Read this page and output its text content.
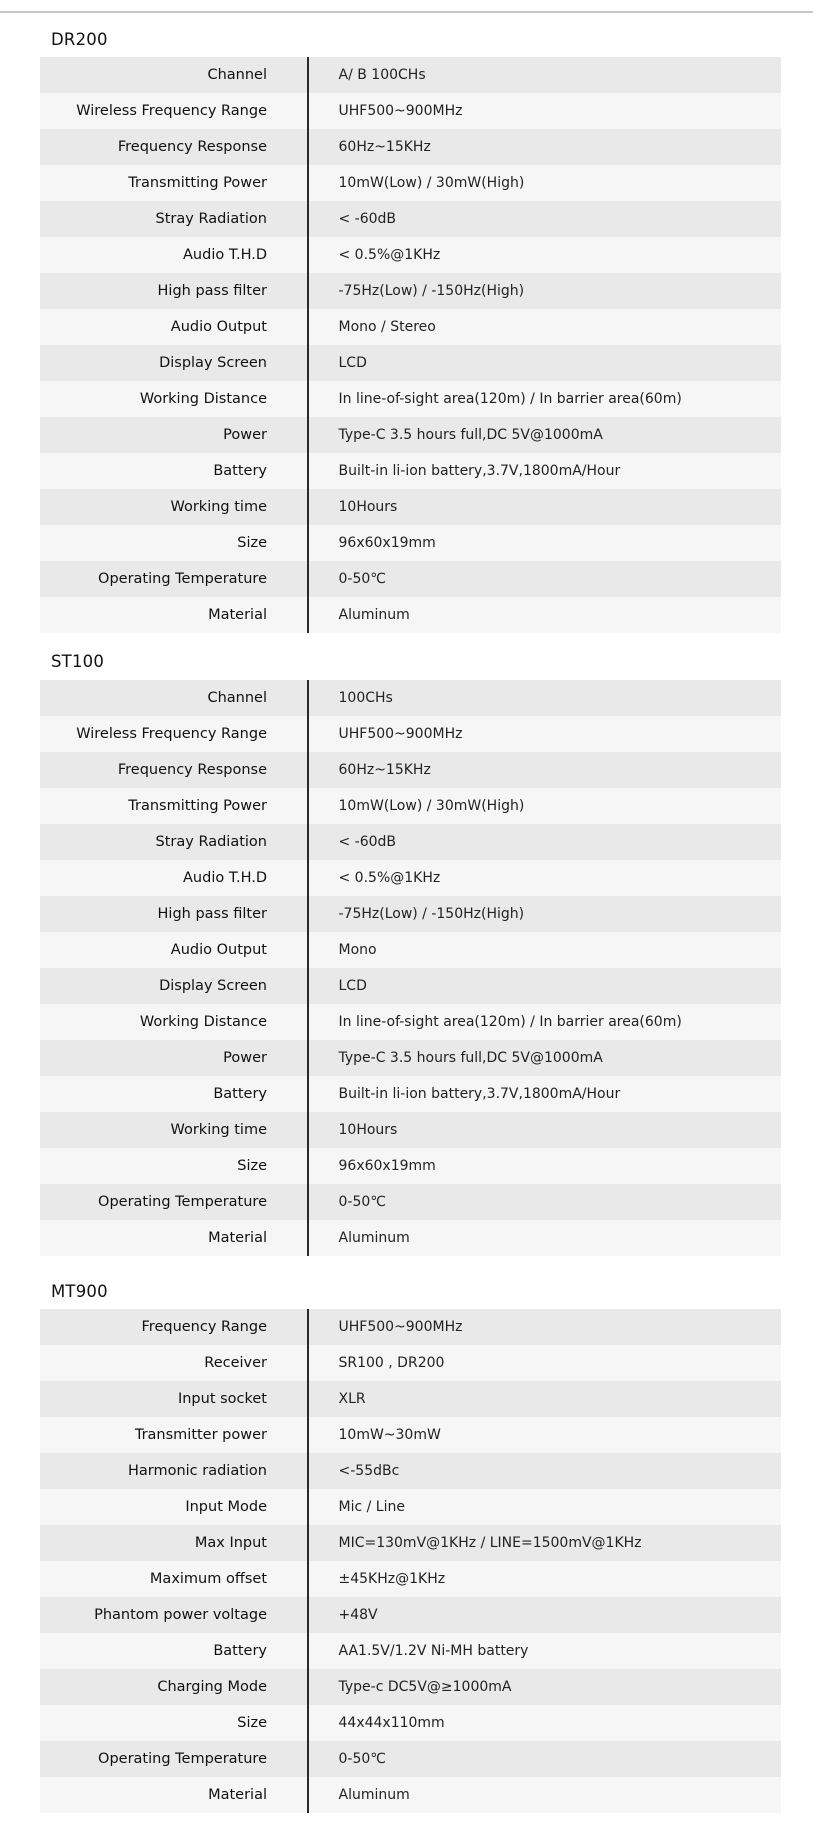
DR200
Channel	A/ B 100CHs
Wireless Frequency Range	UHF500~900MHz
Frequency Response	60Hz~15KHz
Transmitting Power	10mW(Low) / 30mW(High)
Stray Radiation	< -60dB
Audio T.H.D	< 0.5%@1KHz
High pass filter	-75Hz(Low) / -150Hz(High)
Audio Output	Mono / Stereo
Display Screen	LCD
Working Distance	In line-of-sight area(120m) / In barrier area(60m)
Power	Type-C 3.5 hours full,DC 5V@1000mA
Battery	Built-in li-ion battery,3.7V,1800mA/Hour
Working time	10Hours
Size	96x60x19mm
Operating Temperature	0-50℃
Material	Aluminum
ST100
Channel	100CHs
Wireless Frequency Range	UHF500~900MHz
Frequency Response	60Hz~15KHz
Transmitting Power	10mW(Low) / 30mW(High)
Stray Radiation	< -60dB
Audio T.H.D	< 0.5%@1KHz
High pass filter	-75Hz(Low) / -150Hz(High)
Audio Output	Mono
Display Screen	LCD
Working Distance	In line-of-sight area(120m) / In barrier area(60m)
Power	Type-C 3.5 hours full,DC 5V@1000mA
Battery	Built-in li-ion battery,3.7V,1800mA/Hour
Working time	10Hours
Size	96x60x19mm
Operating Temperature	0-50℃
Material	Aluminum
MT900
Frequency Range	UHF500~900MHz
Receiver	SR100 , DR200
Input socket	XLR
Transmitter power	10mW~30mW
Harmonic radiation	<-55dBc
Input Mode	Mic / Line
Max Input	MIC=130mV@1KHz / LINE=1500mV@1KHz
Maximum offset	±45KHz@1KHz
Phantom power voltage	+48V
Battery	AA1.5V/1.2V Ni-MH battery
Charging Mode	Type-c DC5V@≥1000mA
Size	44x44x110mm
Operating Temperature	0-50℃
Material	Aluminum
